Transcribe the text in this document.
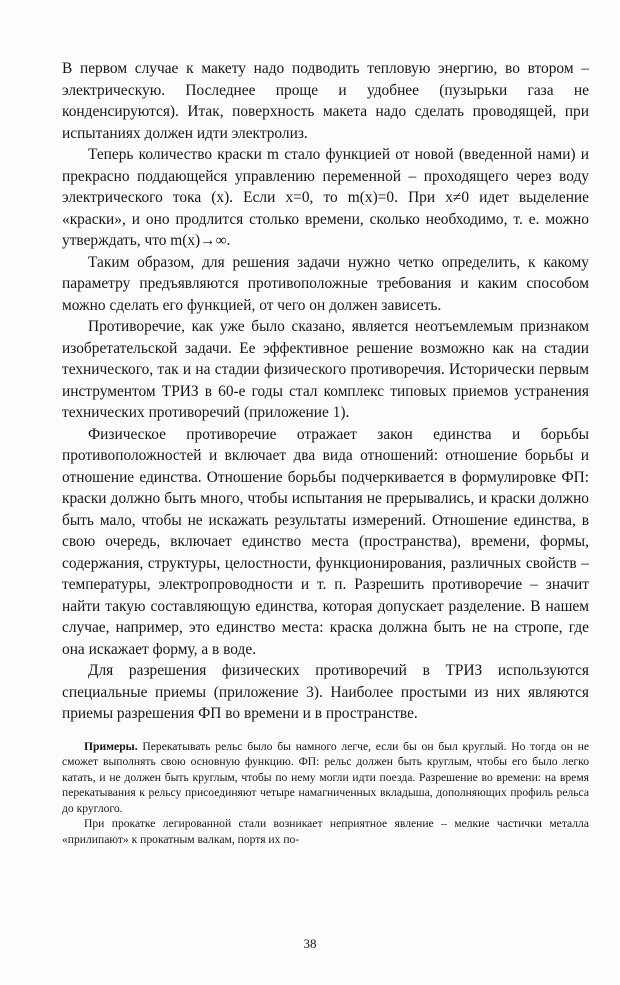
В первом случае к макету надо подводить тепловую энергию, во втором – электрическую. Последнее проще и удобнее (пузырьки газа не конденсируются). Итак, поверхность макета надо сделать проводящей, при испытаниях должен идти электролиз.

Теперь количество краски m стало функцией от новой (введенной нами) и прекрасно поддающейся управлению переменной – проходящего через воду электрического тока (x). Если x=0, то m(x)=0. При x≠0 идет выделение «краски», и оно продлится столько времени, сколько необходимо, т. е. можно утверждать, что m(x)→∞.

Таким образом, для решения задачи нужно четко определить, к какому параметру предъявляются противоположные требования и каким способом можно сделать его функцией, от чего он должен зависеть.

Противоречие, как уже было сказано, является неотъемлемым признаком изобретательской задачи. Ее эффективное решение возможно как на стадии технического, так и на стадии физического противоречия. Исторически первым инструментом ТРИЗ в 60-е годы стал комплекс типовых приемов устранения технических противоречий (приложение 1).

Физическое противоречие отражает закон единства и борьбы противоположностей и включает два вида отношений: отношение борьбы и отношение единства. Отношение борьбы подчеркивается в формулировке ФП: краски должно быть много, чтобы испытания не прерывались, и краски должно быть мало, чтобы не искажать результаты измерений. Отношение единства, в свою очередь, включает единство места (пространства), времени, формы, содержания, структуры, целостности, функционирования, различных свойств – температуры, электропроводности и т. п. Разрешить противоречие – значит найти такую составляющую единства, которая допускает разделение. В нашем случае, например, это единство места: краска должна быть не на стропе, где она искажает форму, а в воде.

Для разрешения физических противоречий в ТРИЗ используются специальные приемы (приложение 3). Наиболее простыми из них являются приемы разрешения ФП во времени и в пространстве.

Примеры. Перекатывать рельс было бы намного легче, если бы он был круглый. Но тогда он не сможет выполнять свою основную функцию. ФП: рельс должен быть круглым, чтобы его было легко катать, и не должен быть круглым, чтобы по нему могли идти поезда. Разрешение во времени: на время перекатывания к рельсу присоединяют четыре намагниченных вкладыша, дополняющих профиль рельса до круглого.

При прокатке легированной стали возникает неприятное явление – мелкие частички металла «прилипают» к прокатным валкам, портя их по-

38
